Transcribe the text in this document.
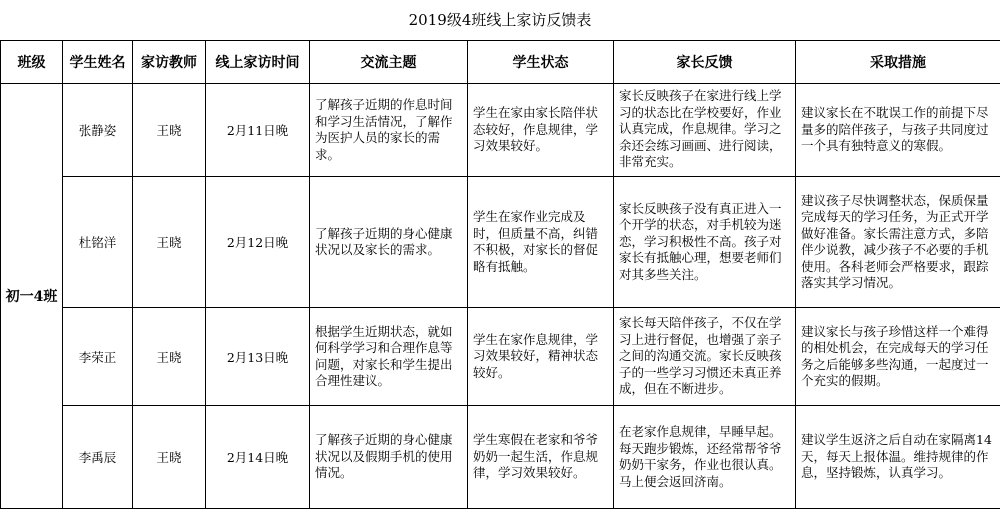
2019级4班线上家访反馈表
班级	学生姓名	家访教师	线上家访时间	交流主题	学生状态	家长反馈	采取措施
初一4班	张静姿	王晓	2月11日晚	了解孩子近期的作息时间和学习生活情况，了解作为医护人员的家长的需求。	学生在家由家长陪伴状态较好，作息规律，学习效果较好。	家长反映孩子在家进行线上学习的状态比在学校要好，作业认真完成，作息规律。学习之余还会练习画画、进行阅读，非常充实。	建议家长在不耽误工作的前提下尽量多的陪伴孩子，与孩子共同度过一个具有独特意义的寒假。
	杜铭洋	王晓	2月12日晚	了解孩子近期的身心健康状况以及家长的需求。	学生在家作业完成及时，但质量不高，纠错不积极，对家长的督促略有抵触。	家长反映孩子没有真正进入一个开学的状态，对手机较为迷恋，学习积极性不高。孩子对家长有抵触心理，想要老师们对其多些关注。	建议孩子尽快调整状态，保质保量完成每天的学习任务，为正式开学做好准备。家长需注意方式，多陪伴少说教，减少孩子不必要的手机使用。各科老师会严格要求，跟踪落实其学习情况。
	李荣正	王晓	2月13日晚	根据学生近期状态，就如何科学学习和合理作息等问题，对家长和学生提出合理性建议。	学生在家作息规律，学习效果较好，精神状态较好。	家长每天陪伴孩子，不仅在学习上进行督促，也增强了亲子之间的沟通交流。家长反映孩子的一些学习习惯还未真正养成，但在不断进步。	建议家长与孩子珍惜这样一个难得的相处机会，在完成每天的学习任务之后能够多些沟通，一起度过一个充实的假期。
	李禹辰	王晓	2月14日晚	了解孩子近期的身心健康状况以及假期手机的使用情况。	学生寒假在老家和爷爷奶奶一起生活，作息规律，学习效果较好。	在老家作息规律，早睡早起。每天跑步锻炼，还经常帮爷爷奶奶干家务，作业也很认真。马上便会返回济南。	建议学生返济之后自动在家隔离14天，每天上报体温。维持规律的作息，坚持锻炼，认真学习。
